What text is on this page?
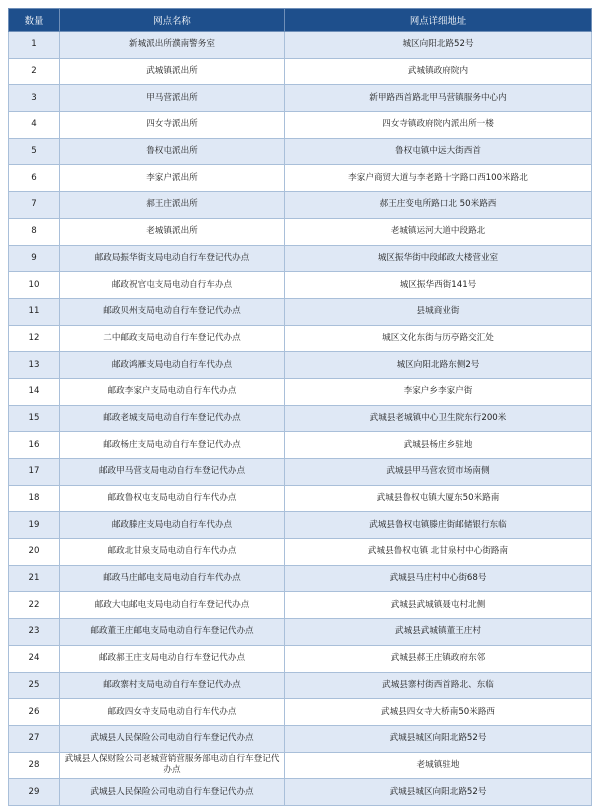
数量	网点名称	网点详细地址
1	新城派出所濮南警务室	城区向阳北路52号
2	武城镇派出所	武城镇政府院内
3	甲马营派出所	新甲路西首路北甲马营镇服务中心内
4	四女寺派出所	四女寺镇政府院内派出所一楼
5	鲁权屯派出所	鲁权屯镇中远大街西首
6	李家户派出所	李家户商贸大道与李老路十字路口西100米路北
7	郝王庄派出所	郝王庄变电所路口北 50米路西
8	老城镇派出所	老城镇运河大道中段路北
9	邮政局振华街支局电动自行车登记代办点	城区振华街中段邮政大楼营业室
10	邮政祝官屯支局电动自行车办点	城区振华西街141号
11	邮政贝州支局电动自行车登记代办点	县城商业街
12	二中邮政支局电动自行车登记代办点	城区文化东街与历亭路交汇处
13	邮政鸿雁支局电动自行车代办点	城区向阳北路东侧2号
14	邮政李家户支局电动自行车代办点	李家户乡李家户街
15	邮政老城支局电动自行车登记代办点	武城县老城镇中心卫生院东行200米
16	邮政杨庄支局电动自行车登记代办点	武城县杨庄乡驻地
17	邮政甲马营支局电动自行车登记代办点	武城县甲马营农贸市场南侧
18	邮政鲁权屯支局电动自行车代办点	武城县鲁权屯镇大厦东50米路南
19	邮政滕庄支局电动自行车代办点	武城县鲁权屯镇滕庄街邮储银行东临
20	邮政北甘泉支局电动自行车代办点	武城县鲁权屯镇 北甘泉村中心街路南
21	邮政马庄邮电支局电动自行车代办点	武城县马庄村中心街68号
22	邮政大屯邮电支局电动自行车登记代办点	武城县武城镇聂屯村北侧
23	邮政董王庄邮电支局电动自行车登记代办点	武城县武城镇董王庄村
24	邮政郝王庄支局电动自行车登记代办点	武城县郝王庄镇政府东邻
25	邮政寨村支局电动自行车登记代办点	武城县寨村街西首路北、东临
26	邮政四女寺支局电动自行车代办点	武城县四女寺大桥南50米路西
27	武城县人民保险公司电动自行车登记代办点	武城县城区向阳北路52号
28	武城县人保财险公司老城营销营服务部电动自行车登记代办点	老城镇驻地
29	武城县人民保险公司电动自行车登记代办点	武城县城区向阳北路52号
